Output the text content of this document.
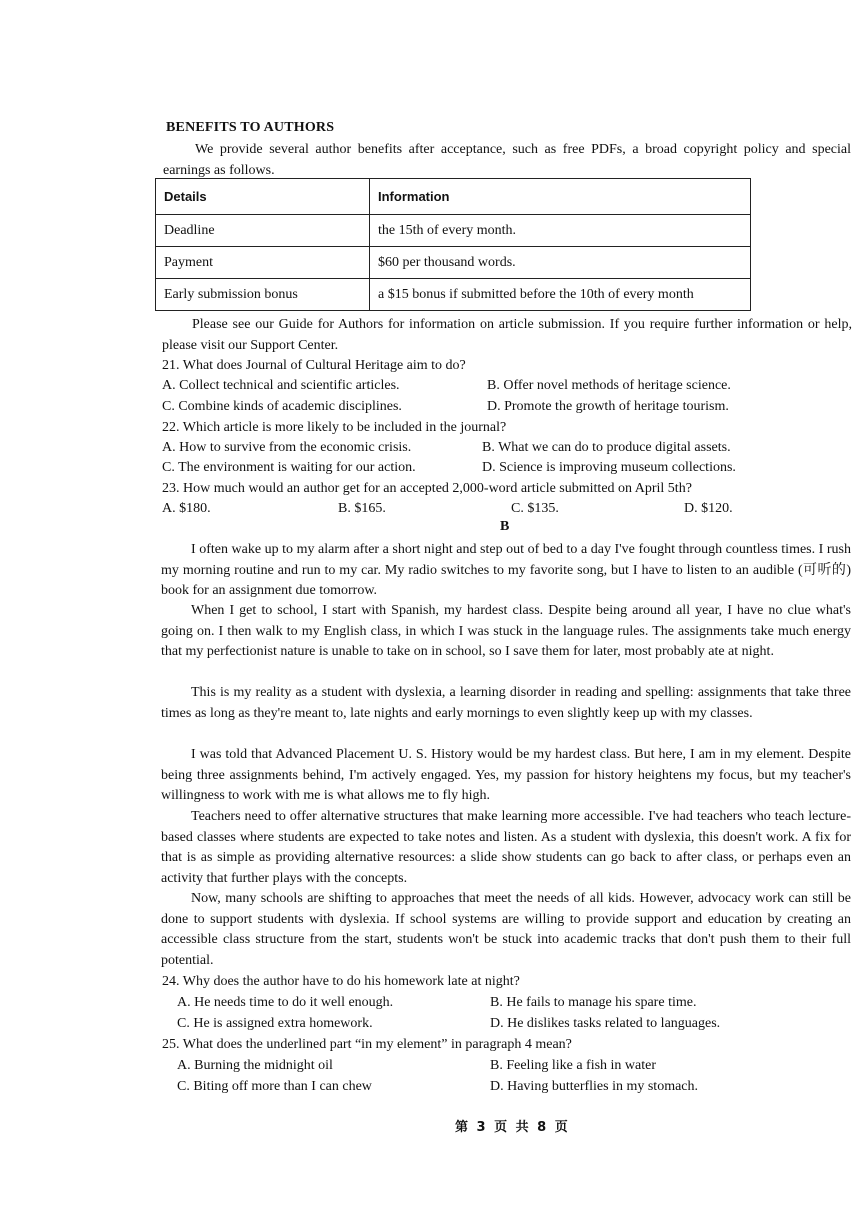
BENEFITS TO AUTHORS
We provide several author benefits after acceptance, such as free PDFs, a broad copyright policy and special earnings as follows.
Details	Information
Deadline	the 15th of every month.
Payment	$60 per thousand words.
Early submission bonus	a $15 bonus if submitted before the 10th of every month
Please see our Guide for Authors for information on article submission. If you require further information or help, please visit our Support Center.
21. What does Journal of Cultural Heritage aim to do?
A. Collect technical and scientific articles.	B. Offer novel methods of heritage science.
C. Combine kinds of academic disciplines.	D. Promote the growth of heritage tourism.
22. Which article is more likely to be included in the journal?
A. How to survive from the economic crisis.	B. What we can do to produce digital assets.
C. The environment is waiting for our action.	D. Science is improving museum collections.
23. How much would an author get for an accepted 2,000-word article submitted on April 5th?
A. $180.	B. $165.	C. $135.	D. $120.
B
I often wake up to my alarm after a short night and step out of bed to a day I've fought through countless times. I rush my morning routine and run to my car. My radio switches to my favorite song, but I have to listen to an audible (可听的) book for an assignment due tomorrow.
When I get to school, I start with Spanish, my hardest class. Despite being around all year, I have no clue what's going on. I then walk to my English class, in which I was stuck in the language rules. The assignments take much energy that my perfectionist nature is unable to take on in school, so I save them for later, most probably ate at night.
This is my reality as a student with dyslexia, a learning disorder in reading and spelling: assignments that take three times as long as they're meant to, late nights and early mornings to even slightly keep up with my classes.
I was told that Advanced Placement U. S. History would be my hardest class. But here, I am in my element. Despite being three assignments behind, I'm actively engaged. Yes, my passion for history heightens my focus, but my teacher's willingness to work with me is what allows me to fly high.
Teachers need to offer alternative structures that make learning more accessible. I've had teachers who teach lecture-based classes where students are expected to take notes and listen. As a student with dyslexia, this doesn't work. A fix for that is as simple as providing alternative resources: a slide show students can go back to after class, or perhaps even an activity that further plays with the concepts.
Now, many schools are shifting to approaches that meet the needs of all kids. However, advocacy work can still be done to support students with dyslexia. If school systems are willing to provide support and education by creating an accessible class structure from the start, students won't be stuck into academic tracks that don't push them to their full potential.
24. Why does the author have to do his homework late at night?
A. He needs time to do it well enough.	B. He fails to manage his spare time.
C. He is assigned extra homework.	D. He dislikes tasks related to languages.
25. What does the underlined part “in my element” in paragraph 4 mean?
A. Burning the midnight oil	B. Feeling like a fish in water
C. Biting off more than I can chew	D. Having butterflies in my stomach.
第 3 页 共 8 页
